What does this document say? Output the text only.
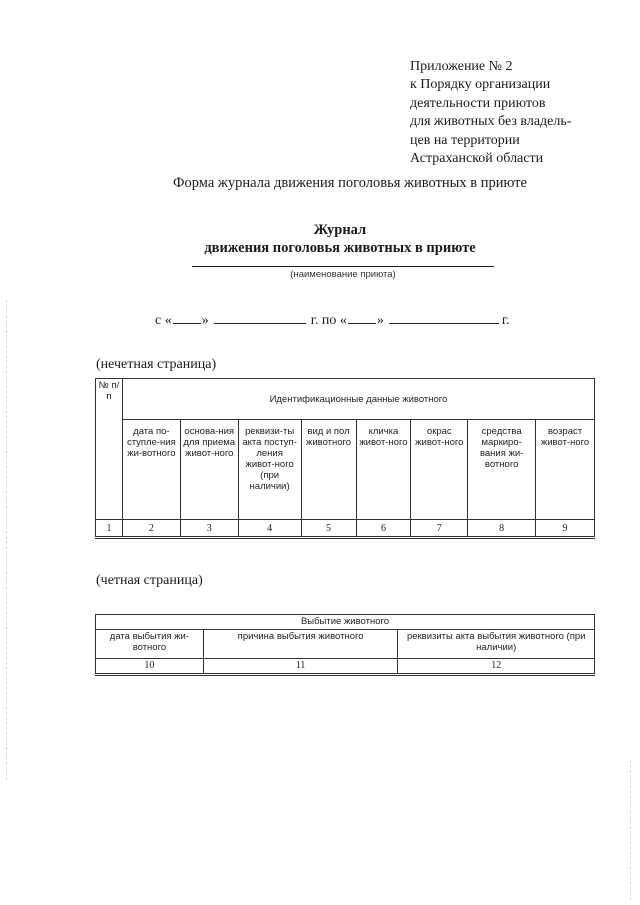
Приложение № 2
к Порядку организации
деятельности приютов
для животных без владель-
цев на территории
Астраханской области
Форма журнала движения поголовья животных в приюте
Журнал
движения поголовья животных в приюте
(наименование приюта)
с « »	г. по « »	г.
(нечетная страница)
№ п/ п	Идентификационные данные животного							
	дата по-ступле-ния жи-вотного	основа-ния для приема живот-ного	реквизи-ты акта поступ-ления живот-ного (при наличии)	вид и пол животного	кличка живот-ного	окрас живот-ного	средства маркиро-вания жи-вотного	возраст живот-ного
1	2	3	4	5	6	7	8	9
(четная страница)
Выбытие животного		
дата выбытия жи-вотного	причина выбытия животного	реквизиты акта выбытия животного (при наличии)
10	11	12
